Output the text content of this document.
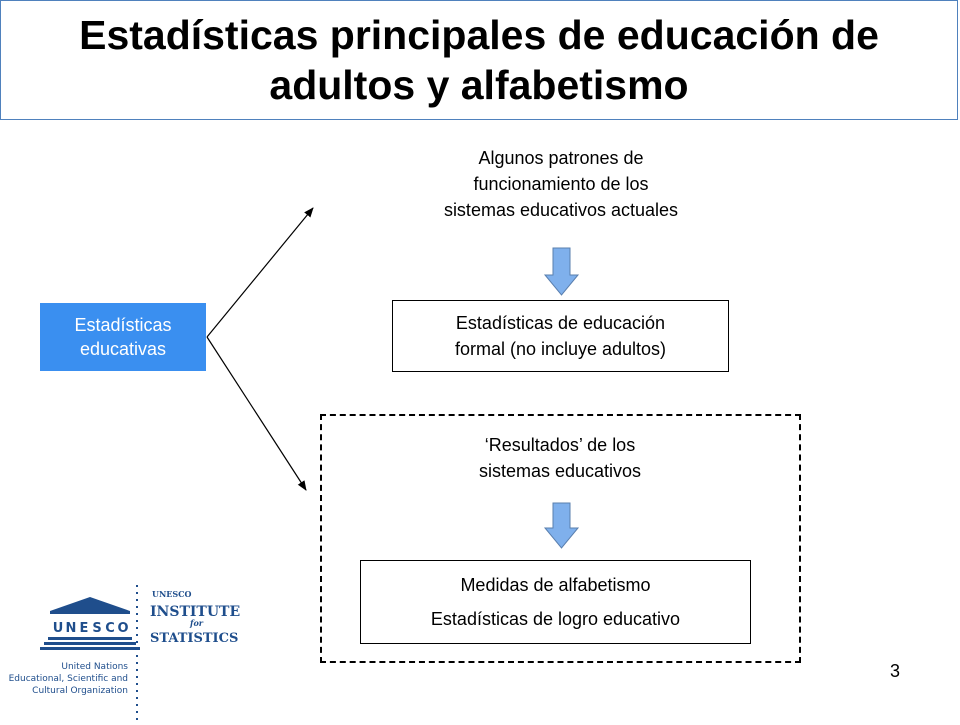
Estadísticas principales de educación de adultos y alfabetismo
Estadísticas
educativas
Algunos patrones de
funcionamiento de los
sistemas educativos actuales
Estadísticas de educación
formal (no incluye adultos)
‘Resultados’ de los
sistemas educativos
Medidas de alfabetismo
Estadísticas de logro educativo
U N E S C O
United Nations
Educational, Scientific and
Cultural Organization
UNESCO
INSTITUTE
for
STATISTICS
3
